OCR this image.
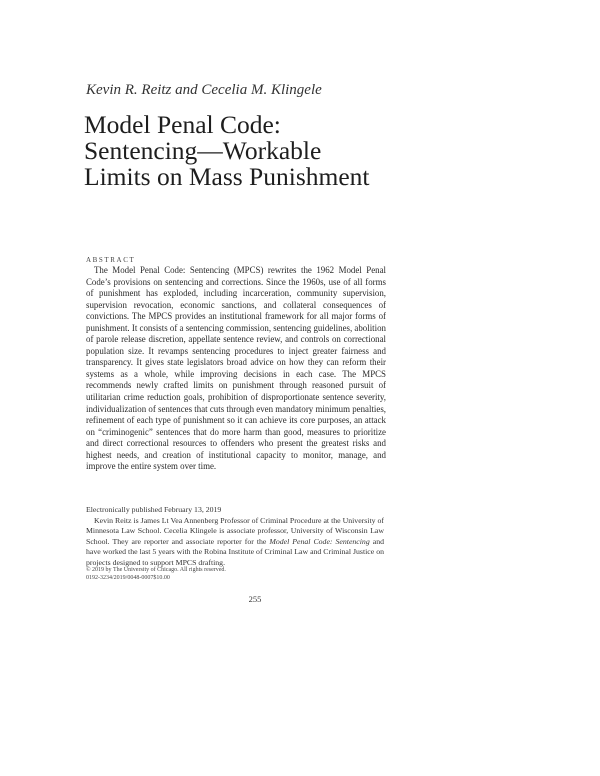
Kevin R. Reitz and Cecelia M. Klingele

Model Penal Code:
Sentencing—Workable
Limits on Mass Punishment

ABSTRACT

The Model Penal Code: Sentencing (MPCS) rewrites the 1962 Model Penal Code’s provisions on sentencing and corrections. Since the 1960s, use of all forms of punishment has exploded, including incarceration, community supervision, supervision revocation, economic sanctions, and collateral consequences of convictions. The MPCS provides an institutional framework for all major forms of punishment. It consists of a sentencing commission, sentencing guidelines, abolition of parole release discretion, appellate sentence review, and controls on correctional population size. It revamps sentencing procedures to inject greater fairness and transparency. It gives state legislators broad advice on how they can reform their systems as a whole, while improving decisions in each case. The MPCS recommends newly crafted limits on punishment through reasoned pursuit of utilitarian crime reduction goals, prohibition of disproportionate sentence severity, individualization of sentences that cuts through even mandatory minimum penalties, refinement of each type of punishment so it can achieve its core purposes, an attack on “criminogenic” sentences that do more harm than good, measures to prioritize and direct correctional resources to offenders who present the greatest risks and highest needs, and creation of institutional capacity to monitor, manage, and improve the entire system over time.

Electronically published February 13, 2019

Kevin Reitz is James Lt Vea Annenberg Professor of Criminal Procedure at the University of Minnesota Law School. Cecelia Klingele is associate professor, University of Wisconsin Law School. They are reporter and associate reporter for the Model Penal Code: Sentencing and have worked the last 5 years with the Robina Institute of Criminal Law and Criminal Justice on projects designed to support MPCS drafting.

© 2019 by The University of Chicago. All rights reserved.

0192-3234/2019/0048-0007$10.00

255
